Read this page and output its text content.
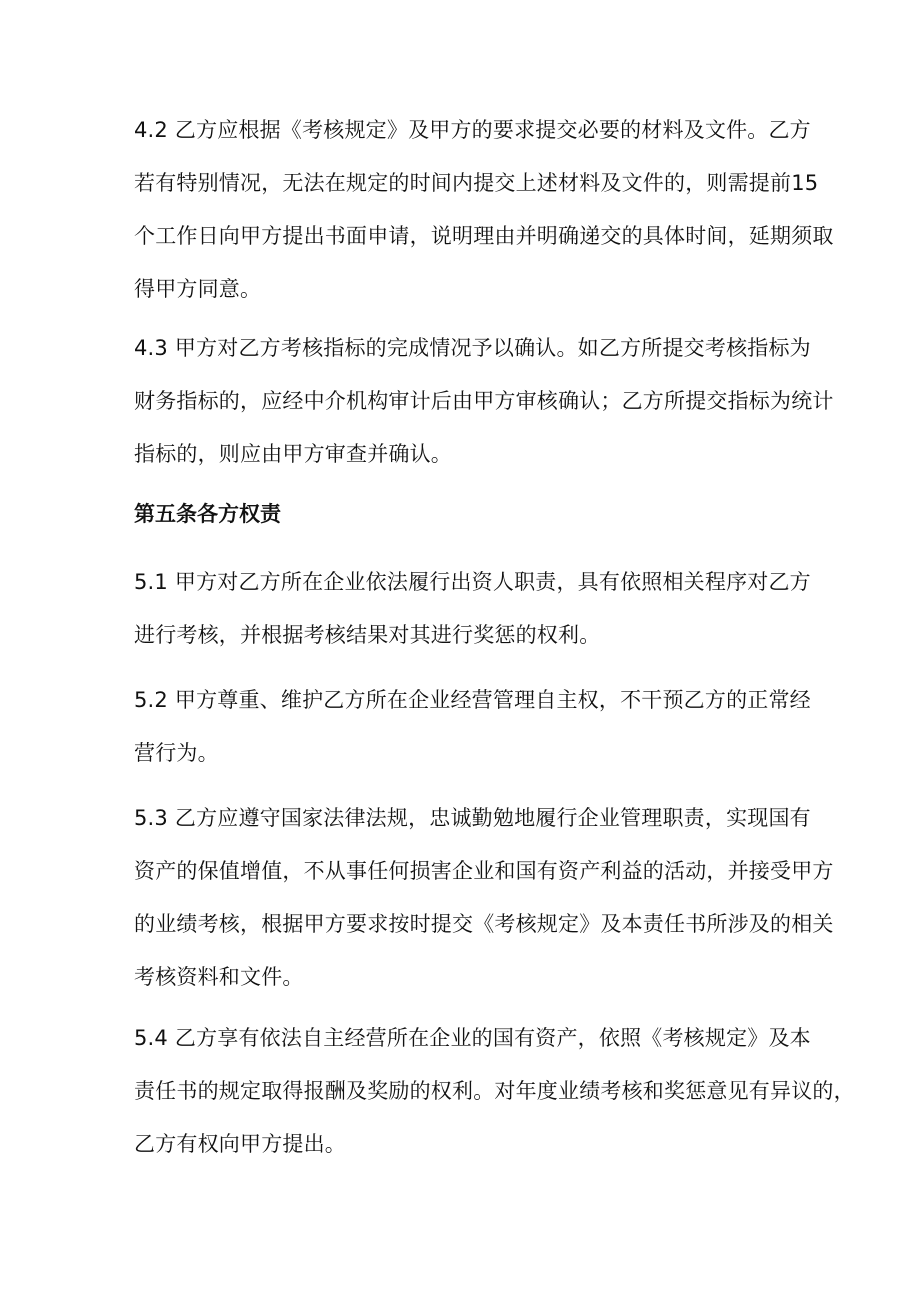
4.2 乙方应根据《考核规定》及甲方的要求提交必要的材料及文件。乙方
若有特别情况，无法在规定的时间内提交上述材料及文件的，则需提前15
个工作日向甲方提出书面申请，说明理由并明确递交的具体时间，延期须取
得甲方同意。
4.3 甲方对乙方考核指标的完成情况予以确认。如乙方所提交考核指标为
财务指标的，应经中介机构审计后由甲方审核确认；乙方所提交指标为统计
指标的，则应由甲方审查并确认。
第五条各方权责
5.1 甲方对乙方所在企业依法履行出资人职责，具有依照相关程序对乙方
进行考核，并根据考核结果对其进行奖惩的权利。
5.2 甲方尊重、维护乙方所在企业经营管理自主权，不干预乙方的正常经
营行为。
5.3 乙方应遵守国家法律法规，忠诚勤勉地履行企业管理职责，实现国有
资产的保值增值，不从事任何损害企业和国有资产利益的活动，并接受甲方
的业绩考核，根据甲方要求按时提交《考核规定》及本责任书所涉及的相关
考核资料和文件。
5.4 乙方享有依法自主经营所在企业的国有资产，依照《考核规定》及本
责任书的规定取得报酬及奖励的权利。对年度业绩考核和奖惩意见有异议的，
乙方有权向甲方提出。
